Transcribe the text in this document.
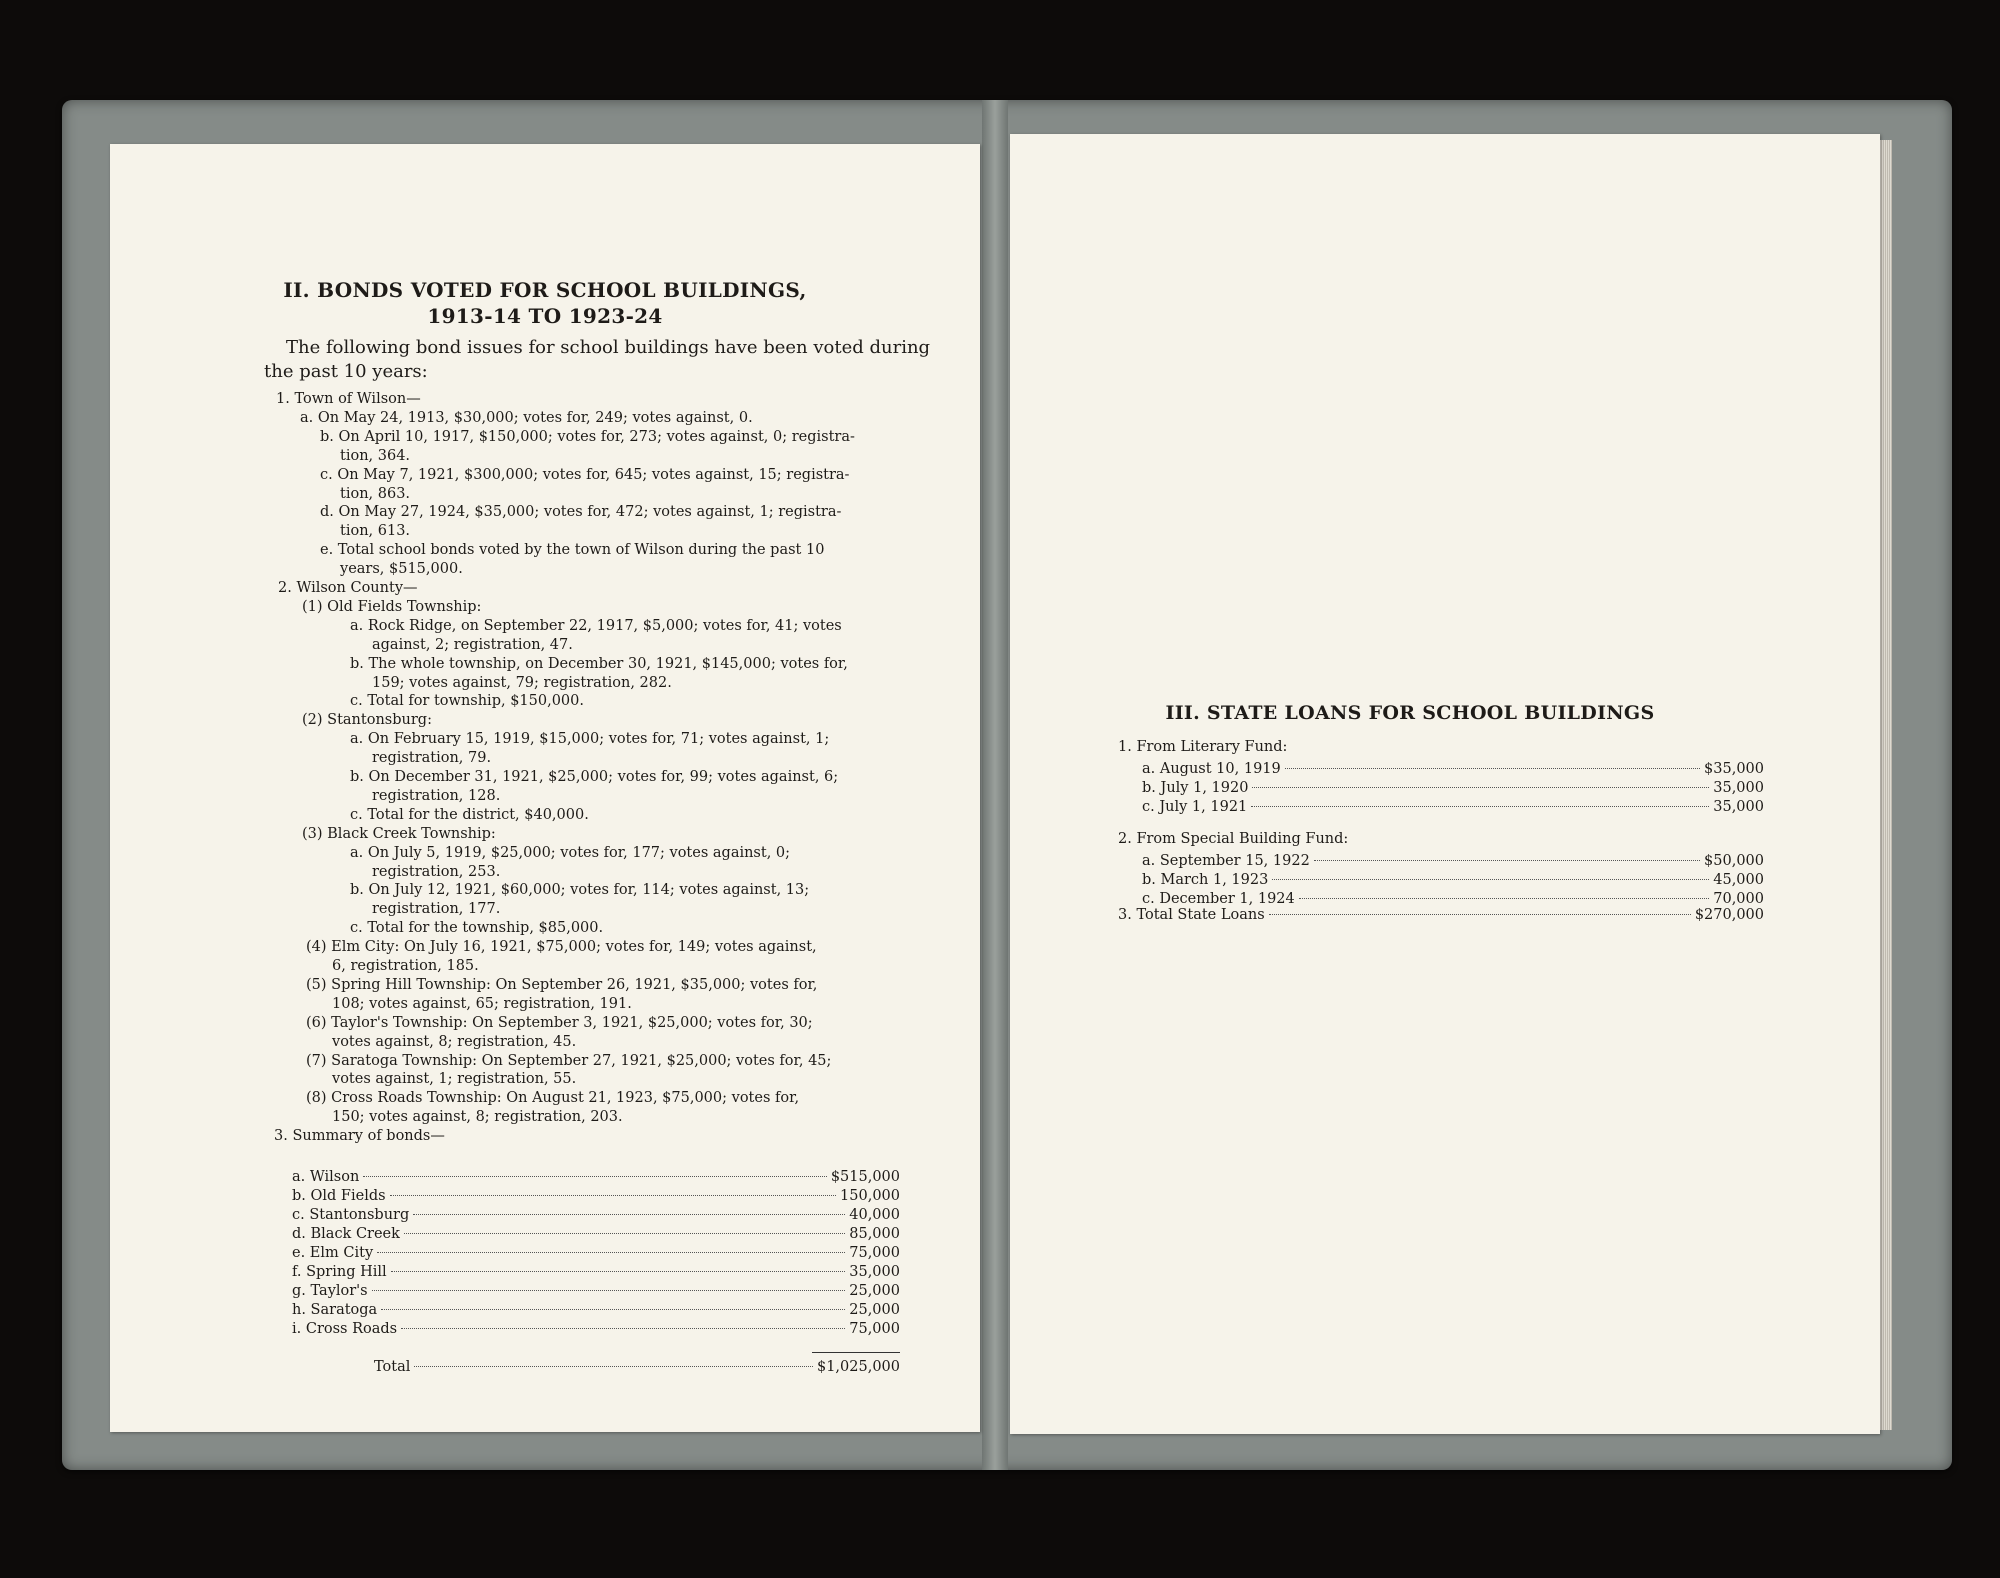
II. BONDS VOTED FOR SCHOOL BUILDINGS,
1913-14 TO 1923-24
The following bond issues for school buildings have been voted during
the past 10 years:
1. Town of Wilson—
a. On May 24, 1913, $30,000; votes for, 249; votes against, 0.
b. On April 10, 1917, $150,000; votes for, 273; votes against, 0; registra-
tion, 364.
c. On May 7, 1921, $300,000; votes for, 645; votes against, 15; registra-
tion, 863.
d. On May 27, 1924, $35,000; votes for, 472; votes against, 1; registra-
tion, 613.
e. Total school bonds voted by the town of Wilson during the past 10
years, $515,000.
2. Wilson County—
(1) Old Fields Township:
a. Rock Ridge, on September 22, 1917, $5,000; votes for, 41; votes
against, 2; registration, 47.
b. The whole township, on December 30, 1921, $145,000; votes for,
159; votes against, 79; registration, 282.
c. Total for township, $150,000.
(2) Stantonsburg:
a. On February 15, 1919, $15,000; votes for, 71; votes against, 1;
registration, 79.
b. On December 31, 1921, $25,000; votes for, 99; votes against, 6;
registration, 128.
c. Total for the district, $40,000.
(3) Black Creek Township:
a. On July 5, 1919, $25,000; votes for, 177; votes against, 0;
registration, 253.
b. On July 12, 1921, $60,000; votes for, 114; votes against, 13;
registration, 177.
c. Total for the township, $85,000.
(4) Elm City: On July 16, 1921, $75,000; votes for, 149; votes against,
6, registration, 185.
(5) Spring Hill Township: On September 26, 1921, $35,000; votes for,
108; votes against, 65; registration, 191.
(6) Taylor's Township: On September 3, 1921, $25,000; votes for, 30;
votes against, 8; registration, 45.
(7) Saratoga Township: On September 27, 1921, $25,000; votes for, 45;
votes against, 1; registration, 55.
(8) Cross Roads Township: On August 21, 1923, $75,000; votes for,
150; votes against, 8; registration, 203.
3. Summary of bonds—
a. Wilson	$515,000
b. Old Fields	150,000
c. Stantonsburg	40,000
d. Black Creek	85,000
e. Elm City	75,000
f. Spring Hill	35,000
g. Taylor's	25,000
h. Saratoga	25,000
i. Cross Roads	75,000
Total	$1,025,000
III. STATE LOANS FOR SCHOOL BUILDINGS
1. From Literary Fund:
a. August 10, 1919	$35,000
b. July 1, 1920	35,000
c. July 1, 1921	35,000
2. From Special Building Fund:
a. September 15, 1922	$50,000
b. March 1, 1923	45,000
c. December 1, 1924	70,000
3. Total State Loans	$270,000
